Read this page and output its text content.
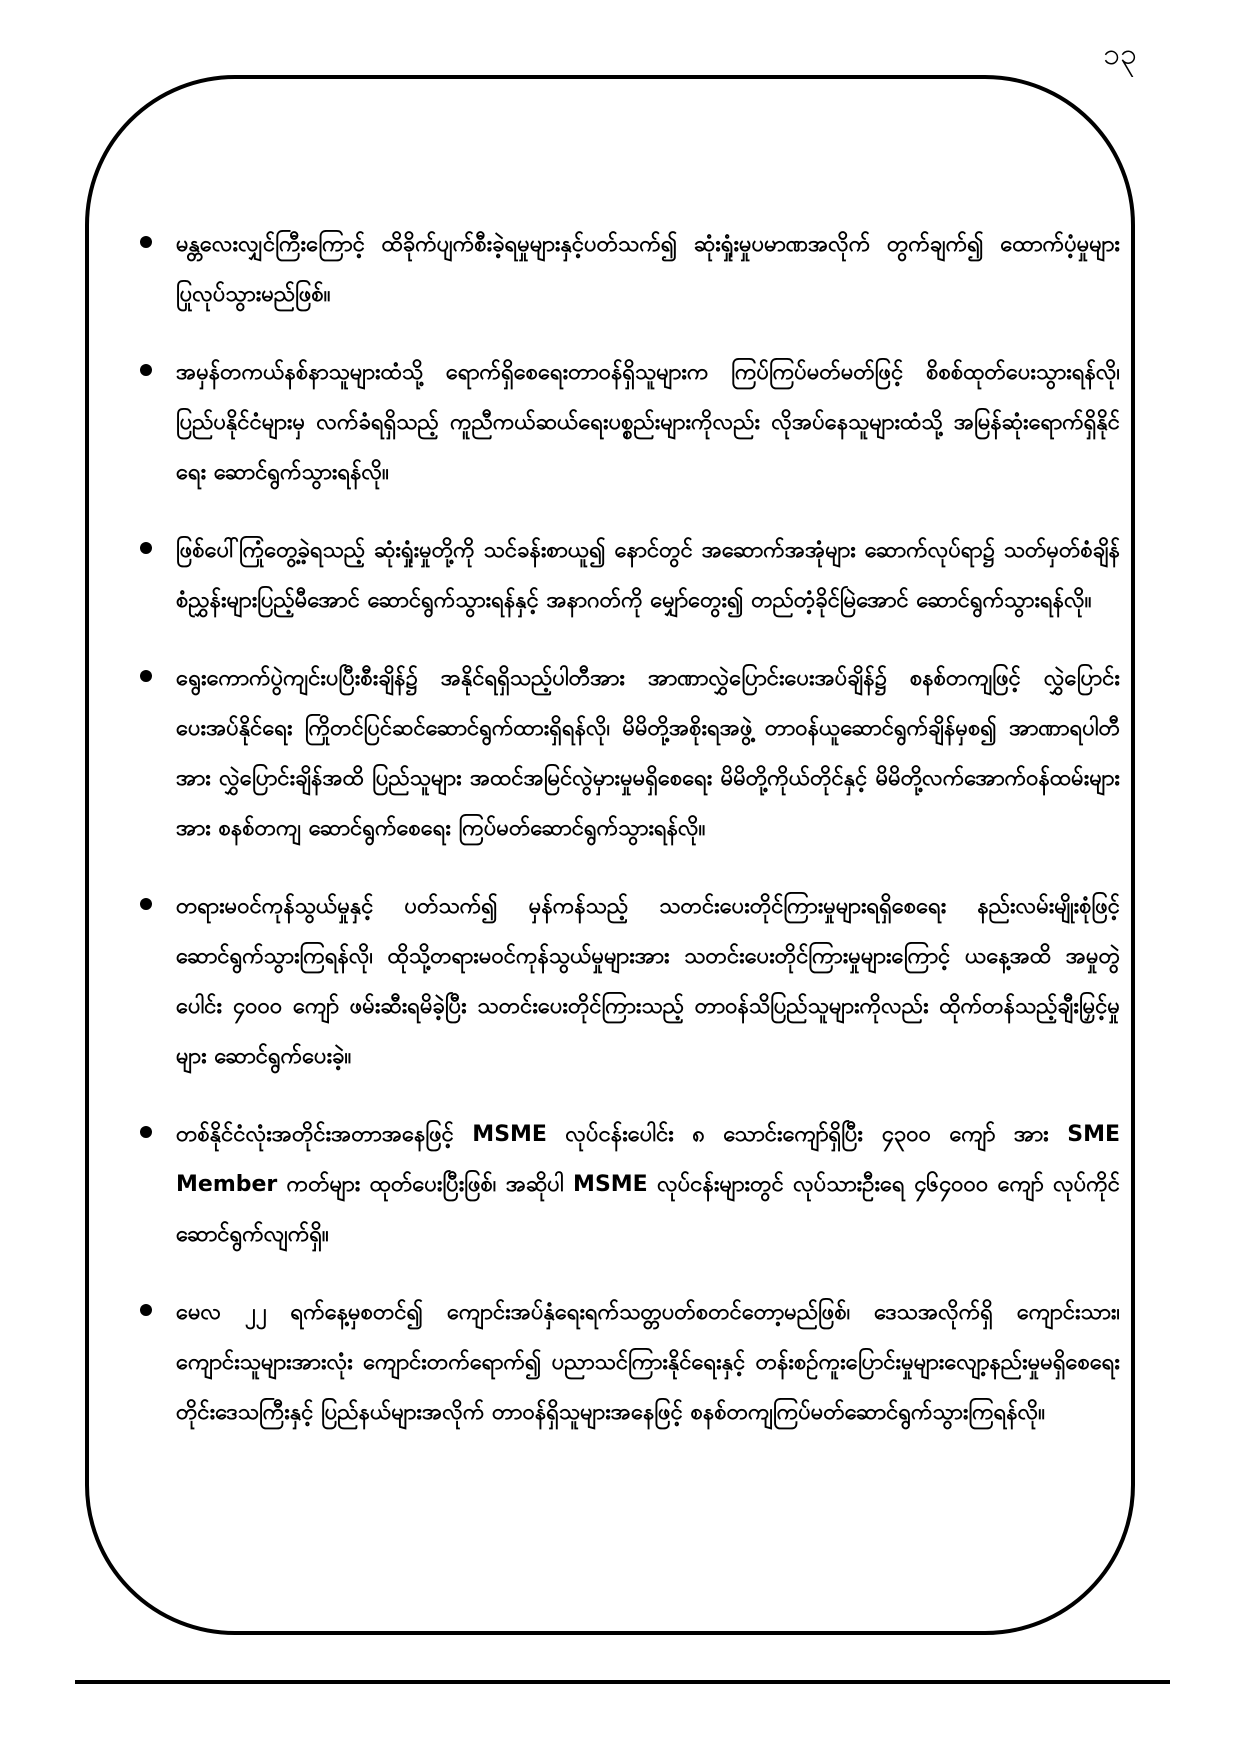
၁၃
မန္တလေးလျှင်ကြီးကြောင့် ထိခိုက်ပျက်စီးခဲ့ရမှုများနှင့်ပတ်သက်၍ ဆုံးရှုံးမှုပမာဏအလိုက် တွက်ချက်၍ ထောက်ပံ့မှုများပြုလုပ်သွားမည်ဖြစ်။
အမှန်တကယ်နစ်နာသူများထံသို့ ရောက်ရှိစေရေးတာဝန်ရှိသူများက ကြပ်ကြပ်မတ်မတ်ဖြင့် စိစစ်ထုတ်ပေးသွားရန်လို၊ ပြည်ပနိုင်ငံများမှ လက်ခံရရှိသည့် ကူညီကယ်ဆယ်ရေးပစ္စည်းများကိုလည်း လိုအပ်နေသူများထံသို့ အမြန်ဆုံးရောက်ရှိနိုင်ရေး ဆောင်ရွက်သွားရန်လို။
ဖြစ်ပေါ်ကြုံတွေ့ခဲ့ရသည့် ဆုံးရှုံးမှုတို့ကို သင်ခန်းစာယူ၍ နောင်တွင် အဆောက်အအုံများ ဆောက်လုပ်ရာ၌ သတ်မှတ်စံချိန်စံညွှန်းများပြည့်မီအောင် ဆောင်ရွက်သွားရန်နှင့် အနာဂတ်ကို မျှော်တွေး၍ တည်တံ့ခိုင်မြဲအောင် ဆောင်ရွက်သွားရန်လို။
ရွေးကောက်ပွဲကျင်းပပြီးစီးချိန်၌ အနိုင်ရရှိသည့်ပါတီအား အာဏာလွှဲပြောင်းပေးအပ်ချိန်၌ စနစ်တကျဖြင့် လွှဲပြောင်းပေးအပ်နိုင်ရေး ကြိုတင်ပြင်ဆင်ဆောင်ရွက်ထားရှိရန်လို၊ မိမိတို့အစိုးရအဖွဲ့ တာဝန်ယူဆောင်ရွက်ချိန်မှစ၍ အာဏာရပါတီအား လွှဲပြောင်းချိန်အထိ ပြည်သူများ အထင်အမြင်လွဲမှားမှုမရှိစေရေး မိမိတို့ကိုယ်တိုင်နှင့် မိမိတို့လက်အောက်ဝန်ထမ်းများအား စနစ်တကျ ဆောင်ရွက်စေရေး ကြပ်မတ်ဆောင်ရွက်သွားရန်လို။
တရားမဝင်ကုန်သွယ်မှုနှင့် ပတ်သက်၍ မှန်ကန်သည့် သတင်းပေးတိုင်ကြားမှုများရရှိစေရေး နည်းလမ်းမျိုးစုံဖြင့် ဆောင်ရွက်သွားကြရန်လို၊ ထိုသို့တရားမဝင်ကုန်သွယ်မှုများအား သတင်းပေးတိုင်ကြားမှုများကြောင့် ယနေ့အထိ အမှုတွဲပေါင်း ၄၀၀၀ ကျော် ဖမ်းဆီးရမိခဲ့ပြီး သတင်းပေးတိုင်ကြားသည့် တာဝန်သိပြည်သူများကိုလည်း ထိုက်တန်သည့်ချီးမြှင့်မှုများ ဆောင်ရွက်ပေးခဲ့။
တစ်နိုင်ငံလုံးအတိုင်းအတာအနေဖြင့် MSME လုပ်ငန်းပေါင်း ၈ သောင်းကျော်ရှိပြီး ၄၃၀၀ ကျော် အား SME Member ကတ်များ ထုတ်ပေးပြီးဖြစ်၊ အဆိုပါ MSME လုပ်ငန်းများတွင် လုပ်သားဦးရေ ၄၆၄၀၀၀ ကျော် လုပ်ကိုင်ဆောင်ရွက်လျက်ရှိ။
မေလ ၂၂ ရက်နေ့မှစတင်၍ ကျောင်းအပ်နှံရေးရက်သတ္တပတ်စတင်တော့မည်ဖြစ်၊ ဒေသအလိုက်ရှိ ကျောင်းသား၊ ကျောင်းသူများအားလုံး ကျောင်းတက်ရောက်၍ ပညာသင်ကြားနိုင်ရေးနှင့် တန်းစဉ်ကူးပြောင်းမှုများလျော့နည်းမှုမရှိစေရေး တိုင်းဒေသကြီးနှင့် ပြည်နယ်များအလိုက် တာဝန်ရှိသူများအနေဖြင့် စနစ်တကျကြပ်မတ်ဆောင်ရွက်သွားကြရန်လို။
